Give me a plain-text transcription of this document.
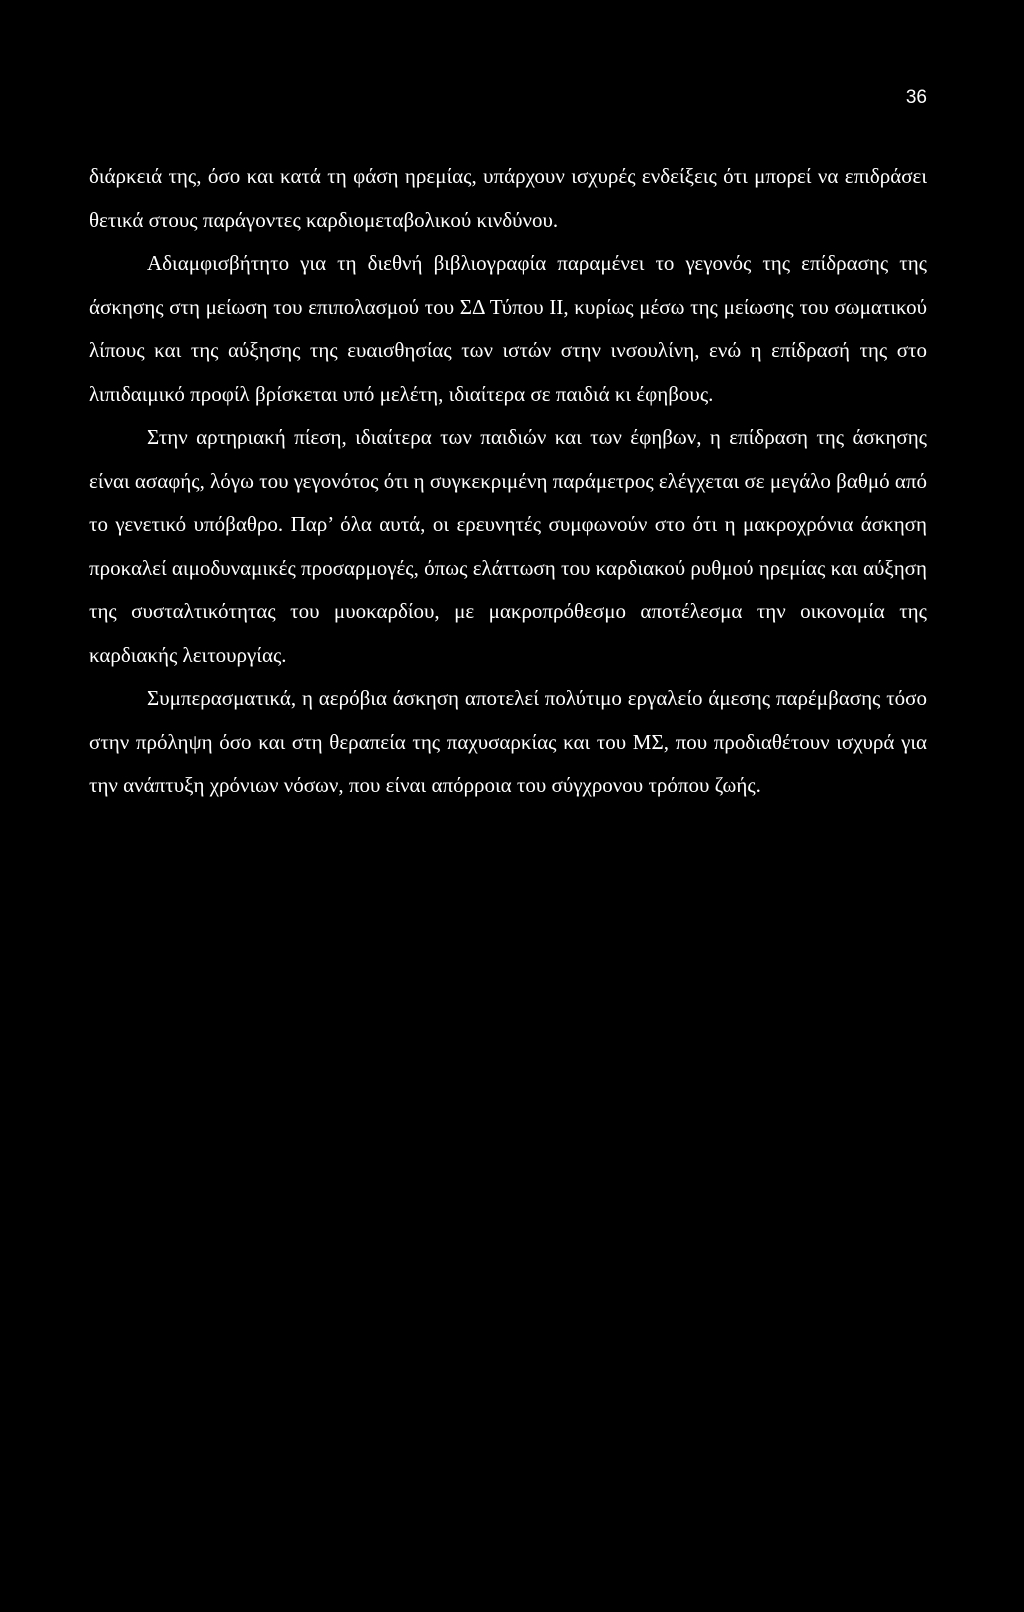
36

διάρκειά της, όσο και κατά τη φάση ηρεμίας, υπάρχουν ισχυρές ενδείξεις ότι μπορεί να επιδράσει θετικά στους παράγοντες καρδιομεταβολικού κινδύνου.

Αδιαμφισβήτητο για τη διεθνή βιβλιογραφία παραμένει το γεγονός της επίδρασης της άσκησης στη μείωση του επιπολασμού του ΣΔ Τύπου II, κυρίως μέσω της μείωσης του σωματικού λίπους και της αύξησης της ευαισθησίας των ιστών στην ινσουλίνη, ενώ η επίδρασή της στο λιπιδαιμικό προφίλ βρίσκεται υπό μελέτη, ιδιαίτερα σε παιδιά κι έφηβους.

Στην αρτηριακή πίεση, ιδιαίτερα των παιδιών και των έφηβων, η επίδραση της άσκησης είναι ασαφής, λόγω του γεγονότος ότι η συγκεκριμένη παράμετρος ελέγχεται σε μεγάλο βαθμό από το γενετικό υπόβαθρο. Παρ’ όλα αυτά, οι ερευνητές συμφωνούν στο ότι η μακροχρόνια άσκηση προκαλεί αιμοδυναμικές προσαρμογές, όπως ελάττωση του καρδιακού ρυθμού ηρεμίας και αύξηση της συσταλτικότητας του μυοκαρδίου, με μακροπρόθεσμο αποτέλεσμα την οικονομία της καρδιακής λειτουργίας.

Συμπερασματικά, η αερόβια άσκηση αποτελεί πολύτιμο εργαλείο άμεσης παρέμβασης τόσο στην πρόληψη όσο και στη θεραπεία της παχυσαρκίας και του ΜΣ, που προδιαθέτουν ισχυρά για την ανάπτυξη χρόνιων νόσων, που είναι απόρροια του σύγχρονου τρόπου ζωής.
